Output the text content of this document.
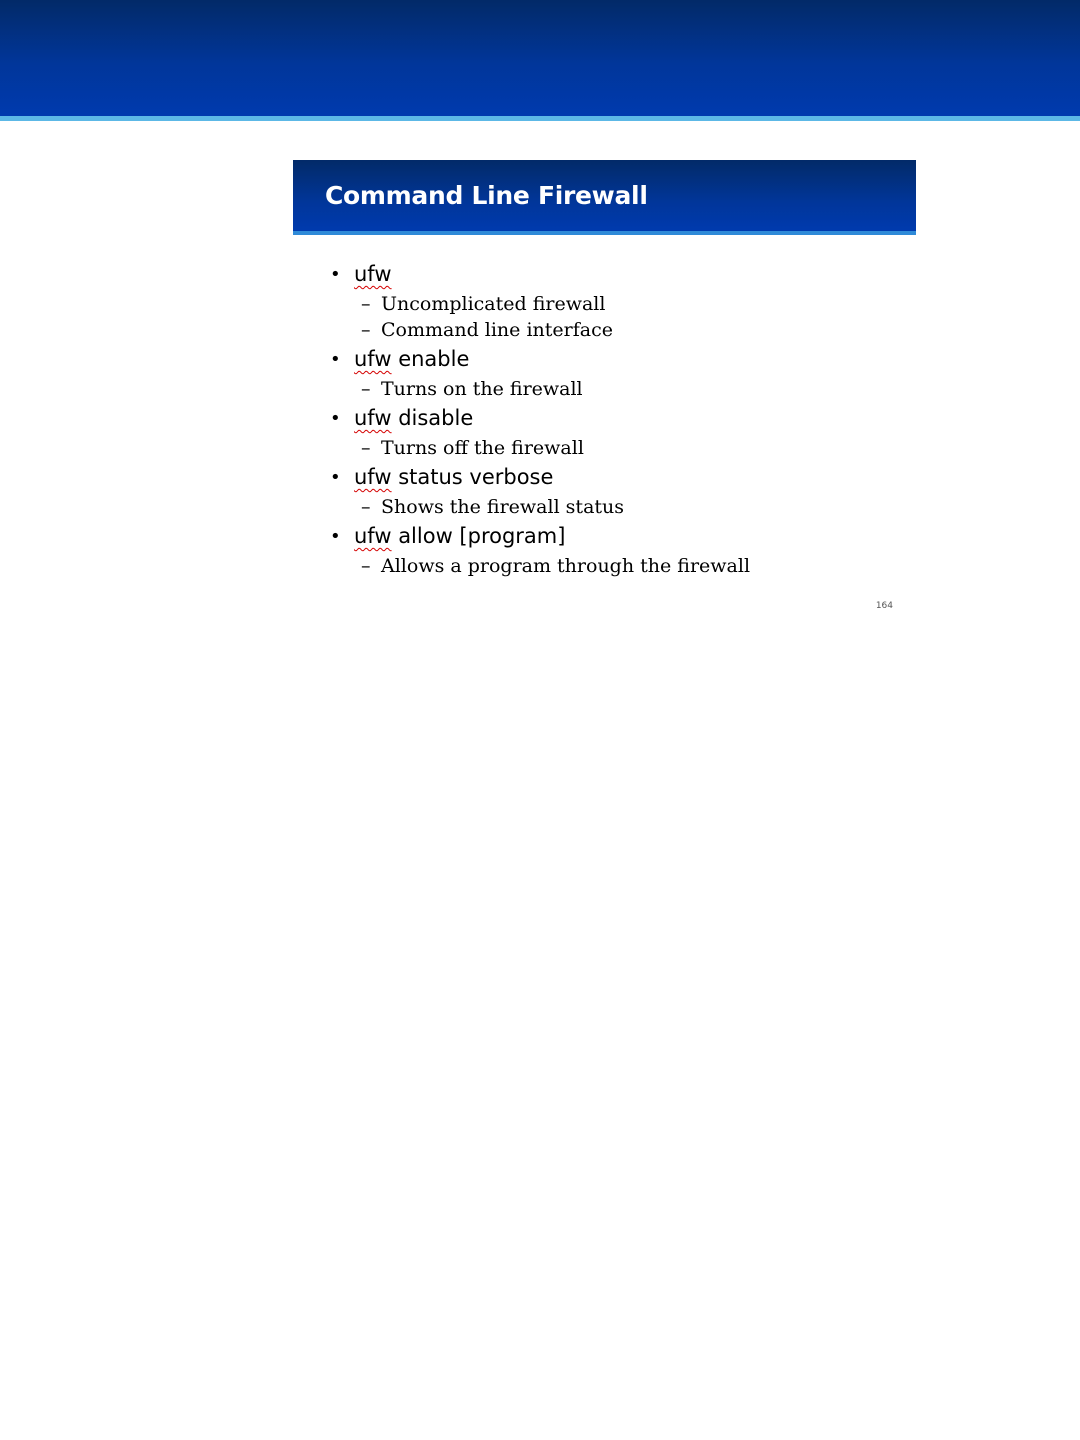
Command Line Firewall
• ufw
– Uncomplicated firewall
– Command line interface
• ufw enable
– Turns on the firewall
• ufw disable
– Turns off the firewall
• ufw status verbose
– Shows the firewall status
• ufw allow [program]
– Allows a program through the firewall
164
